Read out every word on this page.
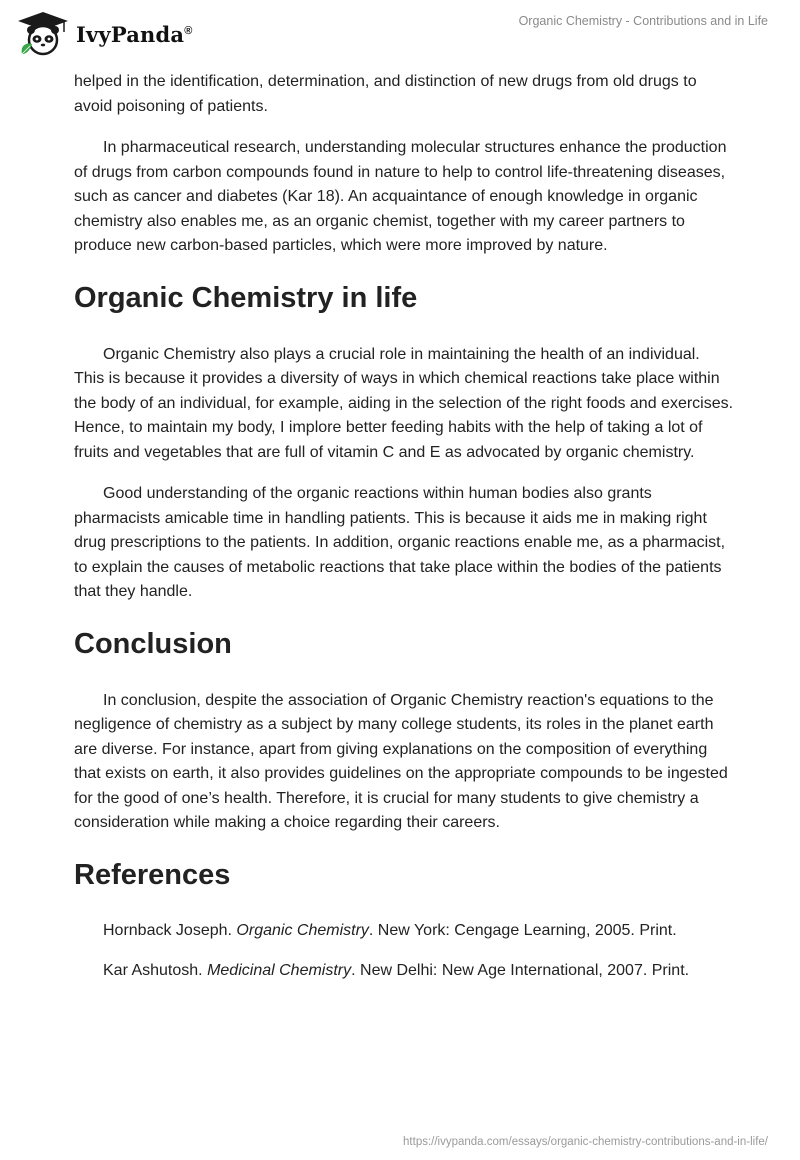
IvyPanda®
Organic Chemistry - Contributions and in Life

helped in the identification, determination, and distinction of new drugs from old drugs to avoid poisoning of patients.

In pharmaceutical research, understanding molecular structures enhance the production of drugs from carbon compounds found in nature to help to control life-threatening diseases, such as cancer and diabetes (Kar 18). An acquaintance of enough knowledge in organic chemistry also enables me, as an organic chemist, together with my career partners to produce new carbon-based particles, which were more improved by nature.

Organic Chemistry in life

Organic Chemistry also plays a crucial role in maintaining the health of an individual. This is because it provides a diversity of ways in which chemical reactions take place within the body of an individual, for example, aiding in the selection of the right foods and exercises. Hence, to maintain my body, I implore better feeding habits with the help of taking a lot of fruits and vegetables that are full of vitamin C and E as advocated by organic chemistry.

Good understanding of the organic reactions within human bodies also grants pharmacists amicable time in handling patients. This is because it aids me in making right drug prescriptions to the patients. In addition, organic reactions enable me, as a pharmacist, to explain the causes of metabolic reactions that take place within the bodies of the patients that they handle.

Conclusion

In conclusion, despite the association of Organic Chemistry reaction's equations to the negligence of chemistry as a subject by many college students, its roles in the planet earth are diverse. For instance, apart from giving explanations on the composition of everything that exists on earth, it also provides guidelines on the appropriate compounds to be ingested for the good of one’s health. Therefore, it is crucial for many students to give chemistry a consideration while making a choice regarding their careers.

References

Hornback Joseph. Organic Chemistry. New York: Cengage Learning, 2005. Print.

Kar Ashutosh. Medicinal Chemistry. New Delhi: New Age International, 2007. Print.

https://ivypanda.com/essays/organic-chemistry-contributions-and-in-life/
